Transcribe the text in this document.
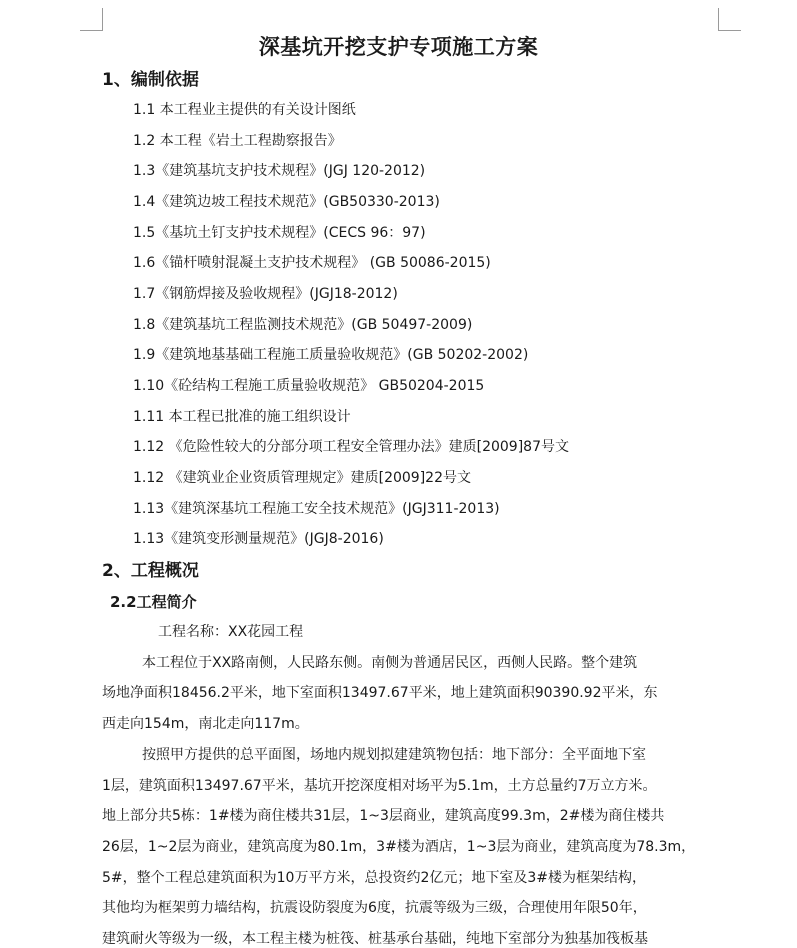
深基坑开挖支护专项施工方案
1、编制依据
1.1 本工程业主提供的有关设计图纸
1.2 本工程《岩土工程勘察报告》
1.3《建筑基坑支护技术规程》(JGJ 120-2012)
1.4《建筑边坡工程技术规范》(GB50330-2013)
1.5《基坑土钉支护技术规程》(CECS 96：97)
1.6《锚杆喷射混凝土支护技术规程》 (GB 50086-2015)
1.7《钢筋焊接及验收规程》(JGJ18-2012)
1.8《建筑基坑工程监测技术规范》(GB 50497-2009)
1.9《建筑地基基础工程施工质量验收规范》(GB 50202-2002)
1.10《砼结构工程施工质量验收规范》 GB50204-2015
1.11 本工程已批准的施工组织设计
1.12 《危险性较大的分部分项工程安全管理办法》建质[2009]87号文
1.12 《建筑业企业资质管理规定》建质[2009]22号文
1.13《建筑深基坑工程施工安全技术规范》(JGJ311-2013)
1.13《建筑变形测量规范》(JGJ8-2016)
2、工程概况
2.2工程简介
工程名称：XX花园工程
本工程位于XX路南侧，人民路东侧。南侧为普通居民区，西侧人民路。整个建筑
场地净面积18456.2平米，地下室面积13497.67平米，地上建筑面积90390.92平米，东
西走向154m，南北走向117m。
按照甲方提供的总平面图，场地内规划拟建建筑物包括：地下部分：全平面地下室
1层，建筑面积13497.67平米，基坑开挖深度相对场平为5.1m，土方总量约7万立方米。
地上部分共5栋：1#楼为商住楼共31层，1~3层商业，建筑高度99.3m，2#楼为商住楼共
26层，1~2层为商业，建筑高度为80.1m，3#楼为酒店，1~3层为商业，建筑高度为78.3m，
5#，整个工程总建筑面积为10万平方米，总投资约2亿元；地下室及3#楼为框架结构，
其他均为框架剪力墙结构，抗震设防裂度为6度，抗震等级为三级，合理使用年限50年，
建筑耐火等级为一级，本工程主楼为桩筏、桩基承台基础，纯地下室部分为独基加筏板基
